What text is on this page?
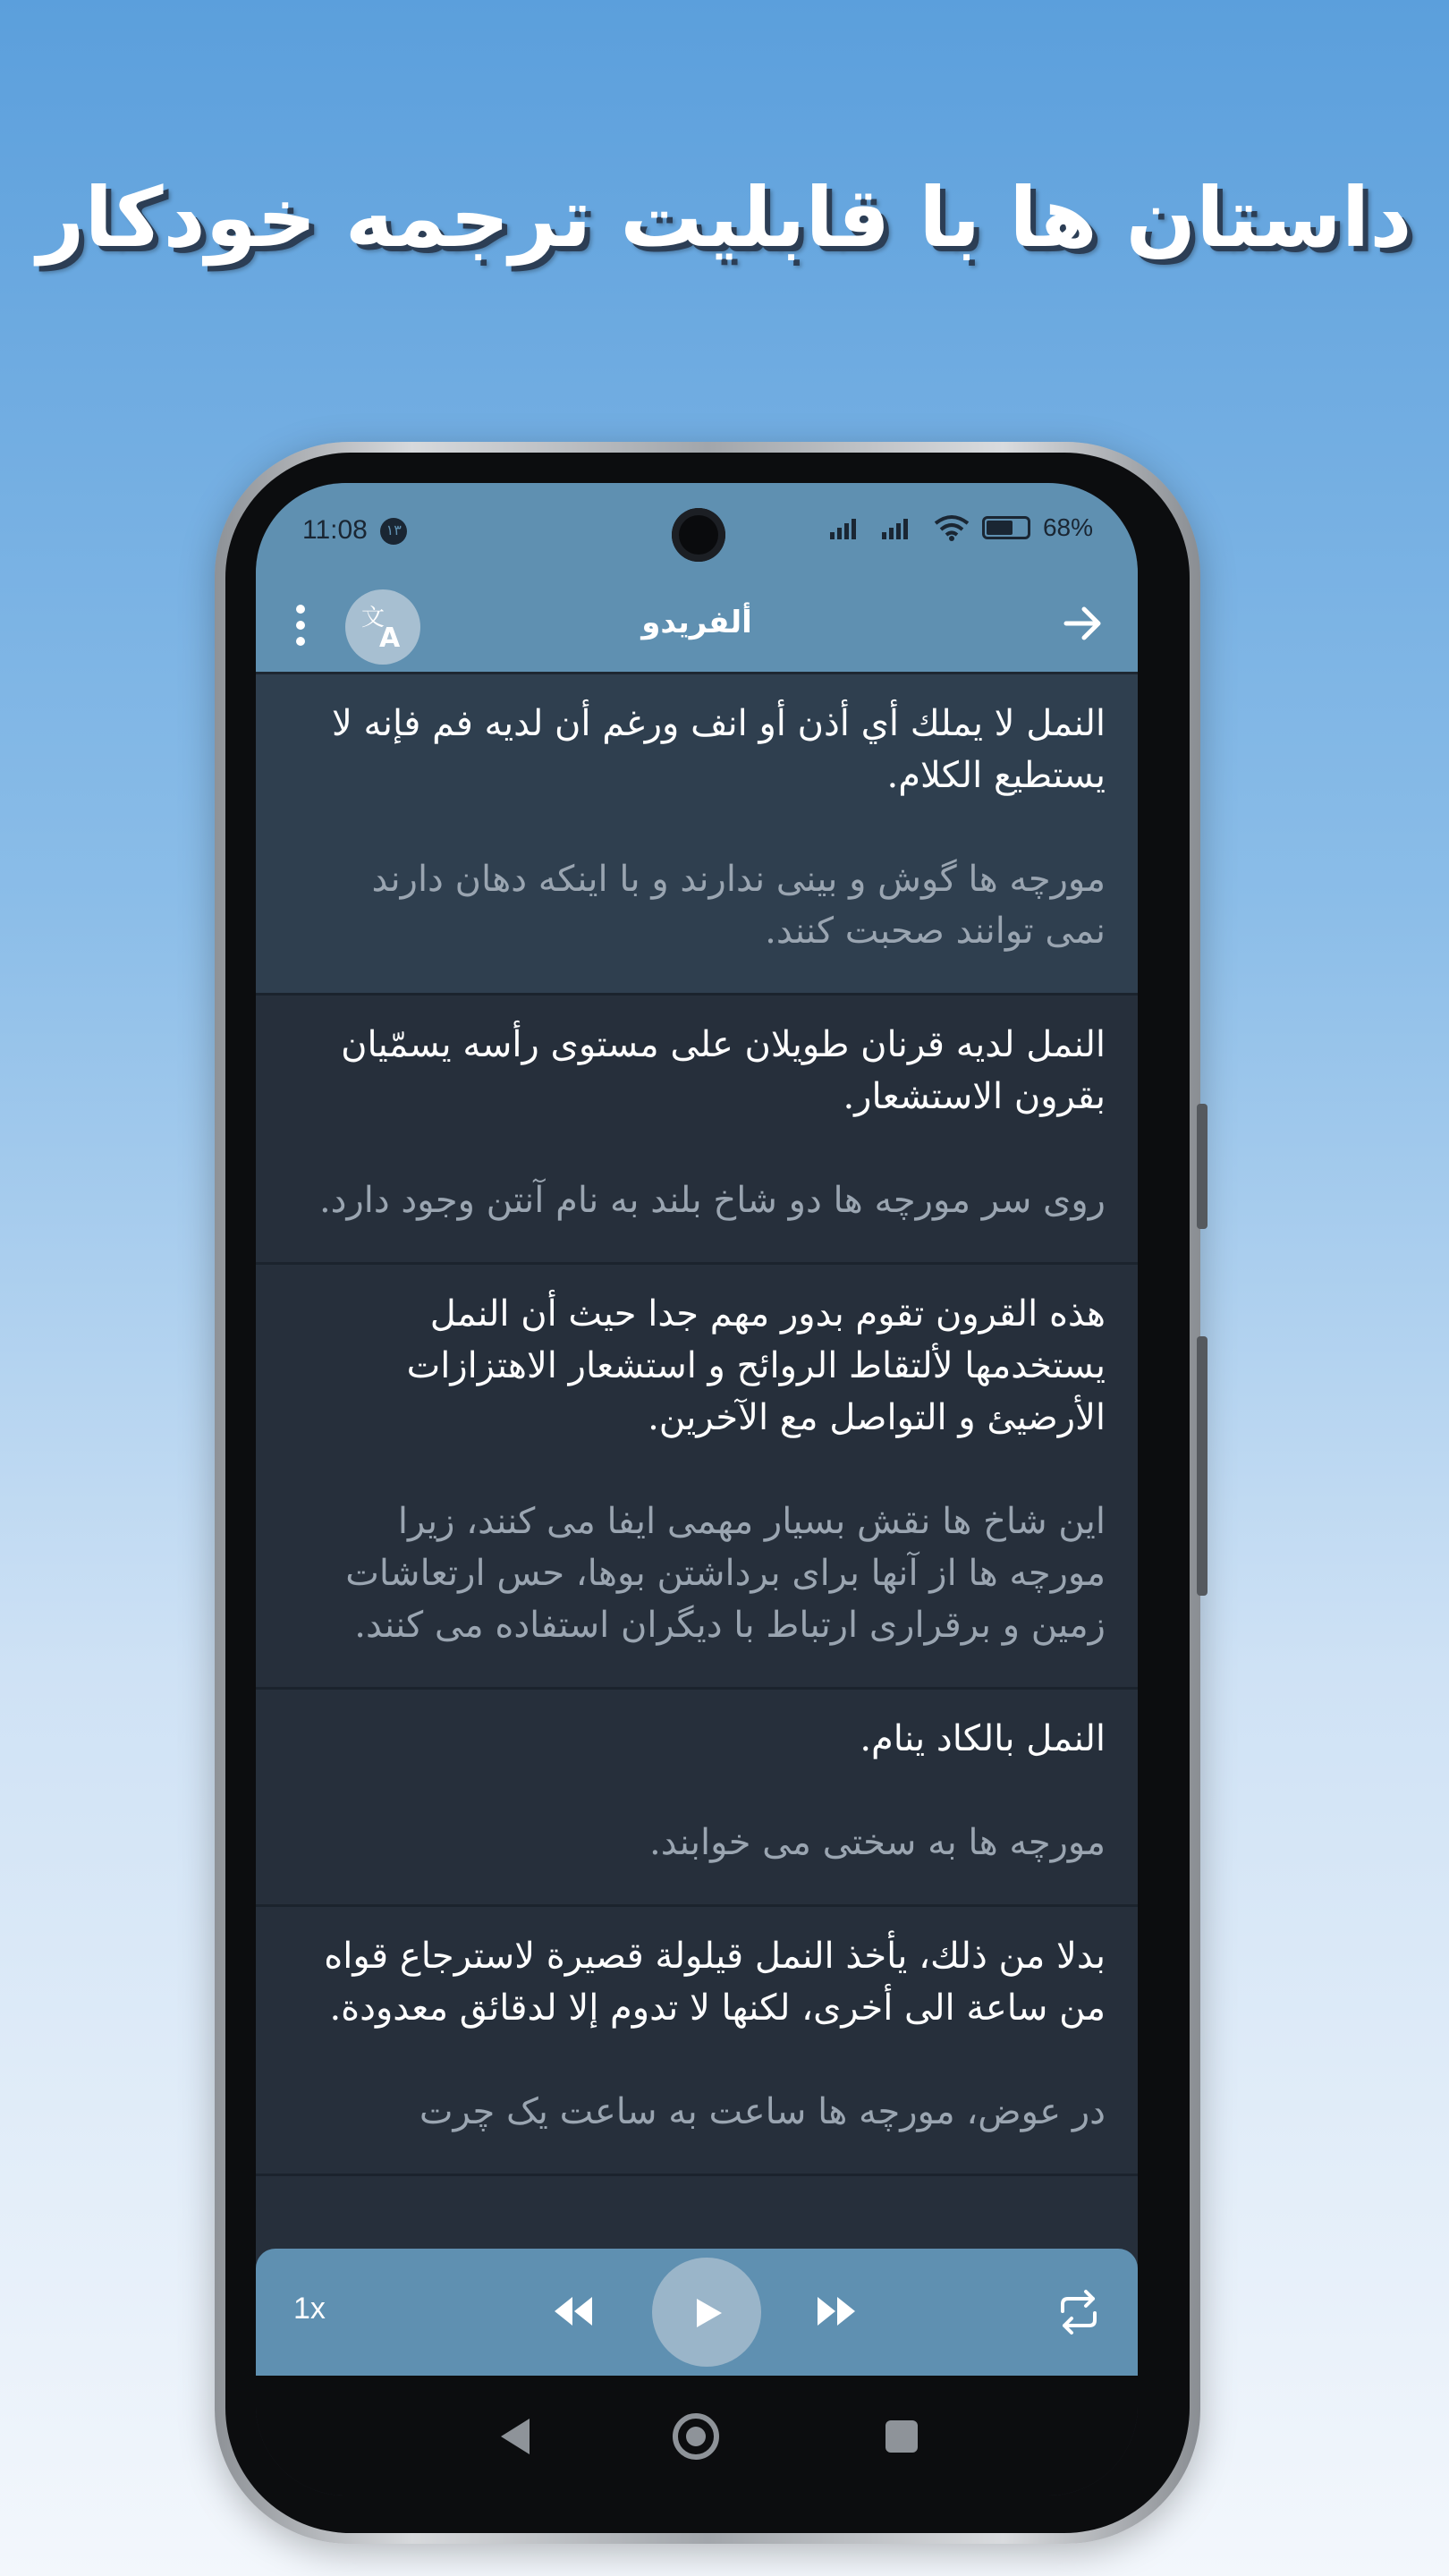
داستان ها با قابلیت ترجمه خودکار
11:08 ۱۳	68%
文
A	ألفريدو
النمل لا يملك أي أذن أو انف ورغم أن لديه فم فإنه لا يستطيع الكلام.
مورچه ها گوش و بینی ندارند و با اینکه دهان دارند نمی توانند صحبت کنند.
النمل لديه قرنان طويلان على مستوى رأسه يسمّيان بقرون الاستشعار.
روی سر مورچه ها دو شاخ بلند به نام آنتن وجود دارد.
هذه القرون تقوم بدور مهم جدا حيث أن النمل يستخدمها لألتقاط الروائح و استشعار الاهتزازات الأرضيئ و التواصل مع الآخرين.
این شاخ ها نقش بسیار مهمی ایفا می کنند، زیرا مورچه ها از آنها برای برداشتن بوها، حس ارتعاشات زمین و برقراری ارتباط با دیگران استفاده می کنند.
النمل بالكاد ينام.
مورچه ها به سختی می خوابند.
بدلا من ذلك، يأخذ النمل قيلولة قصيرة لاسترجاع قواه من ساعة الى أخرى، لكنها لا تدوم إلا لدقائق معدودة.
در عوض، مورچه ها ساعت به ساعت یک چرت
1x
